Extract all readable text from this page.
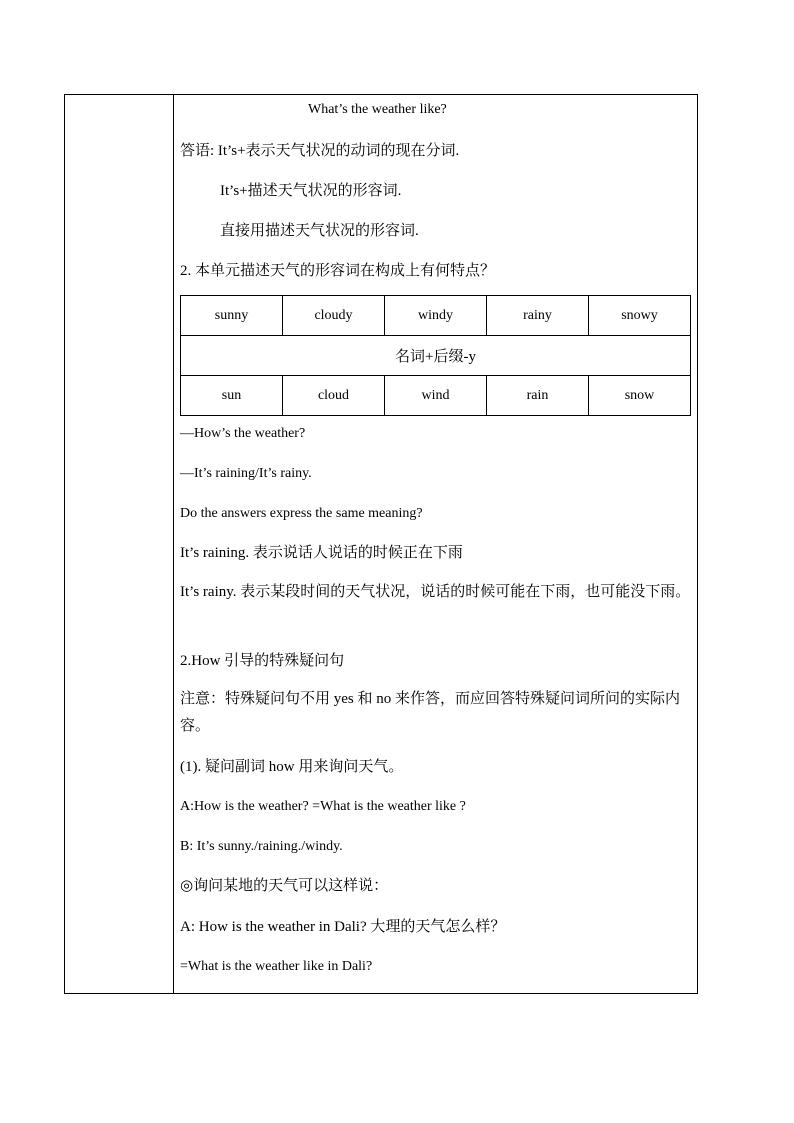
What’s the weather like?
答语: It’s+表示天气状况的动词的现在分词.
It’s+描述天气状况的形容词.
直接用描述天气状况的形容词.
2. 本单元描述天气的形容词在构成上有何特点？
sunny	cloudy	windy	rainy	snowy
名词+后缀-y				
sun	cloud	wind	rain	snow
—How’s the weather?
—It’s raining/It’s rainy.
Do the answers express the same meaning?
It’s raining. 表示说话人说话的时候正在下雨
It’s rainy. 表示某段时间的天气状况，说话的时候可能在下雨，也可能没下雨。
2.How 引导的特殊疑问句
注意：特殊疑问句不用 yes 和 no 来作答，而应回答特殊疑问词所问的实际内容。
(1). 疑问副词 how 用来询问天气。
A:How is the weather? =What is the weather like ?
B: It’s sunny./raining./windy.
◎询问某地的天气可以这样说：
A: How is the weather in Dali? 大理的天气怎么样？
=What is the weather like in Dali?
